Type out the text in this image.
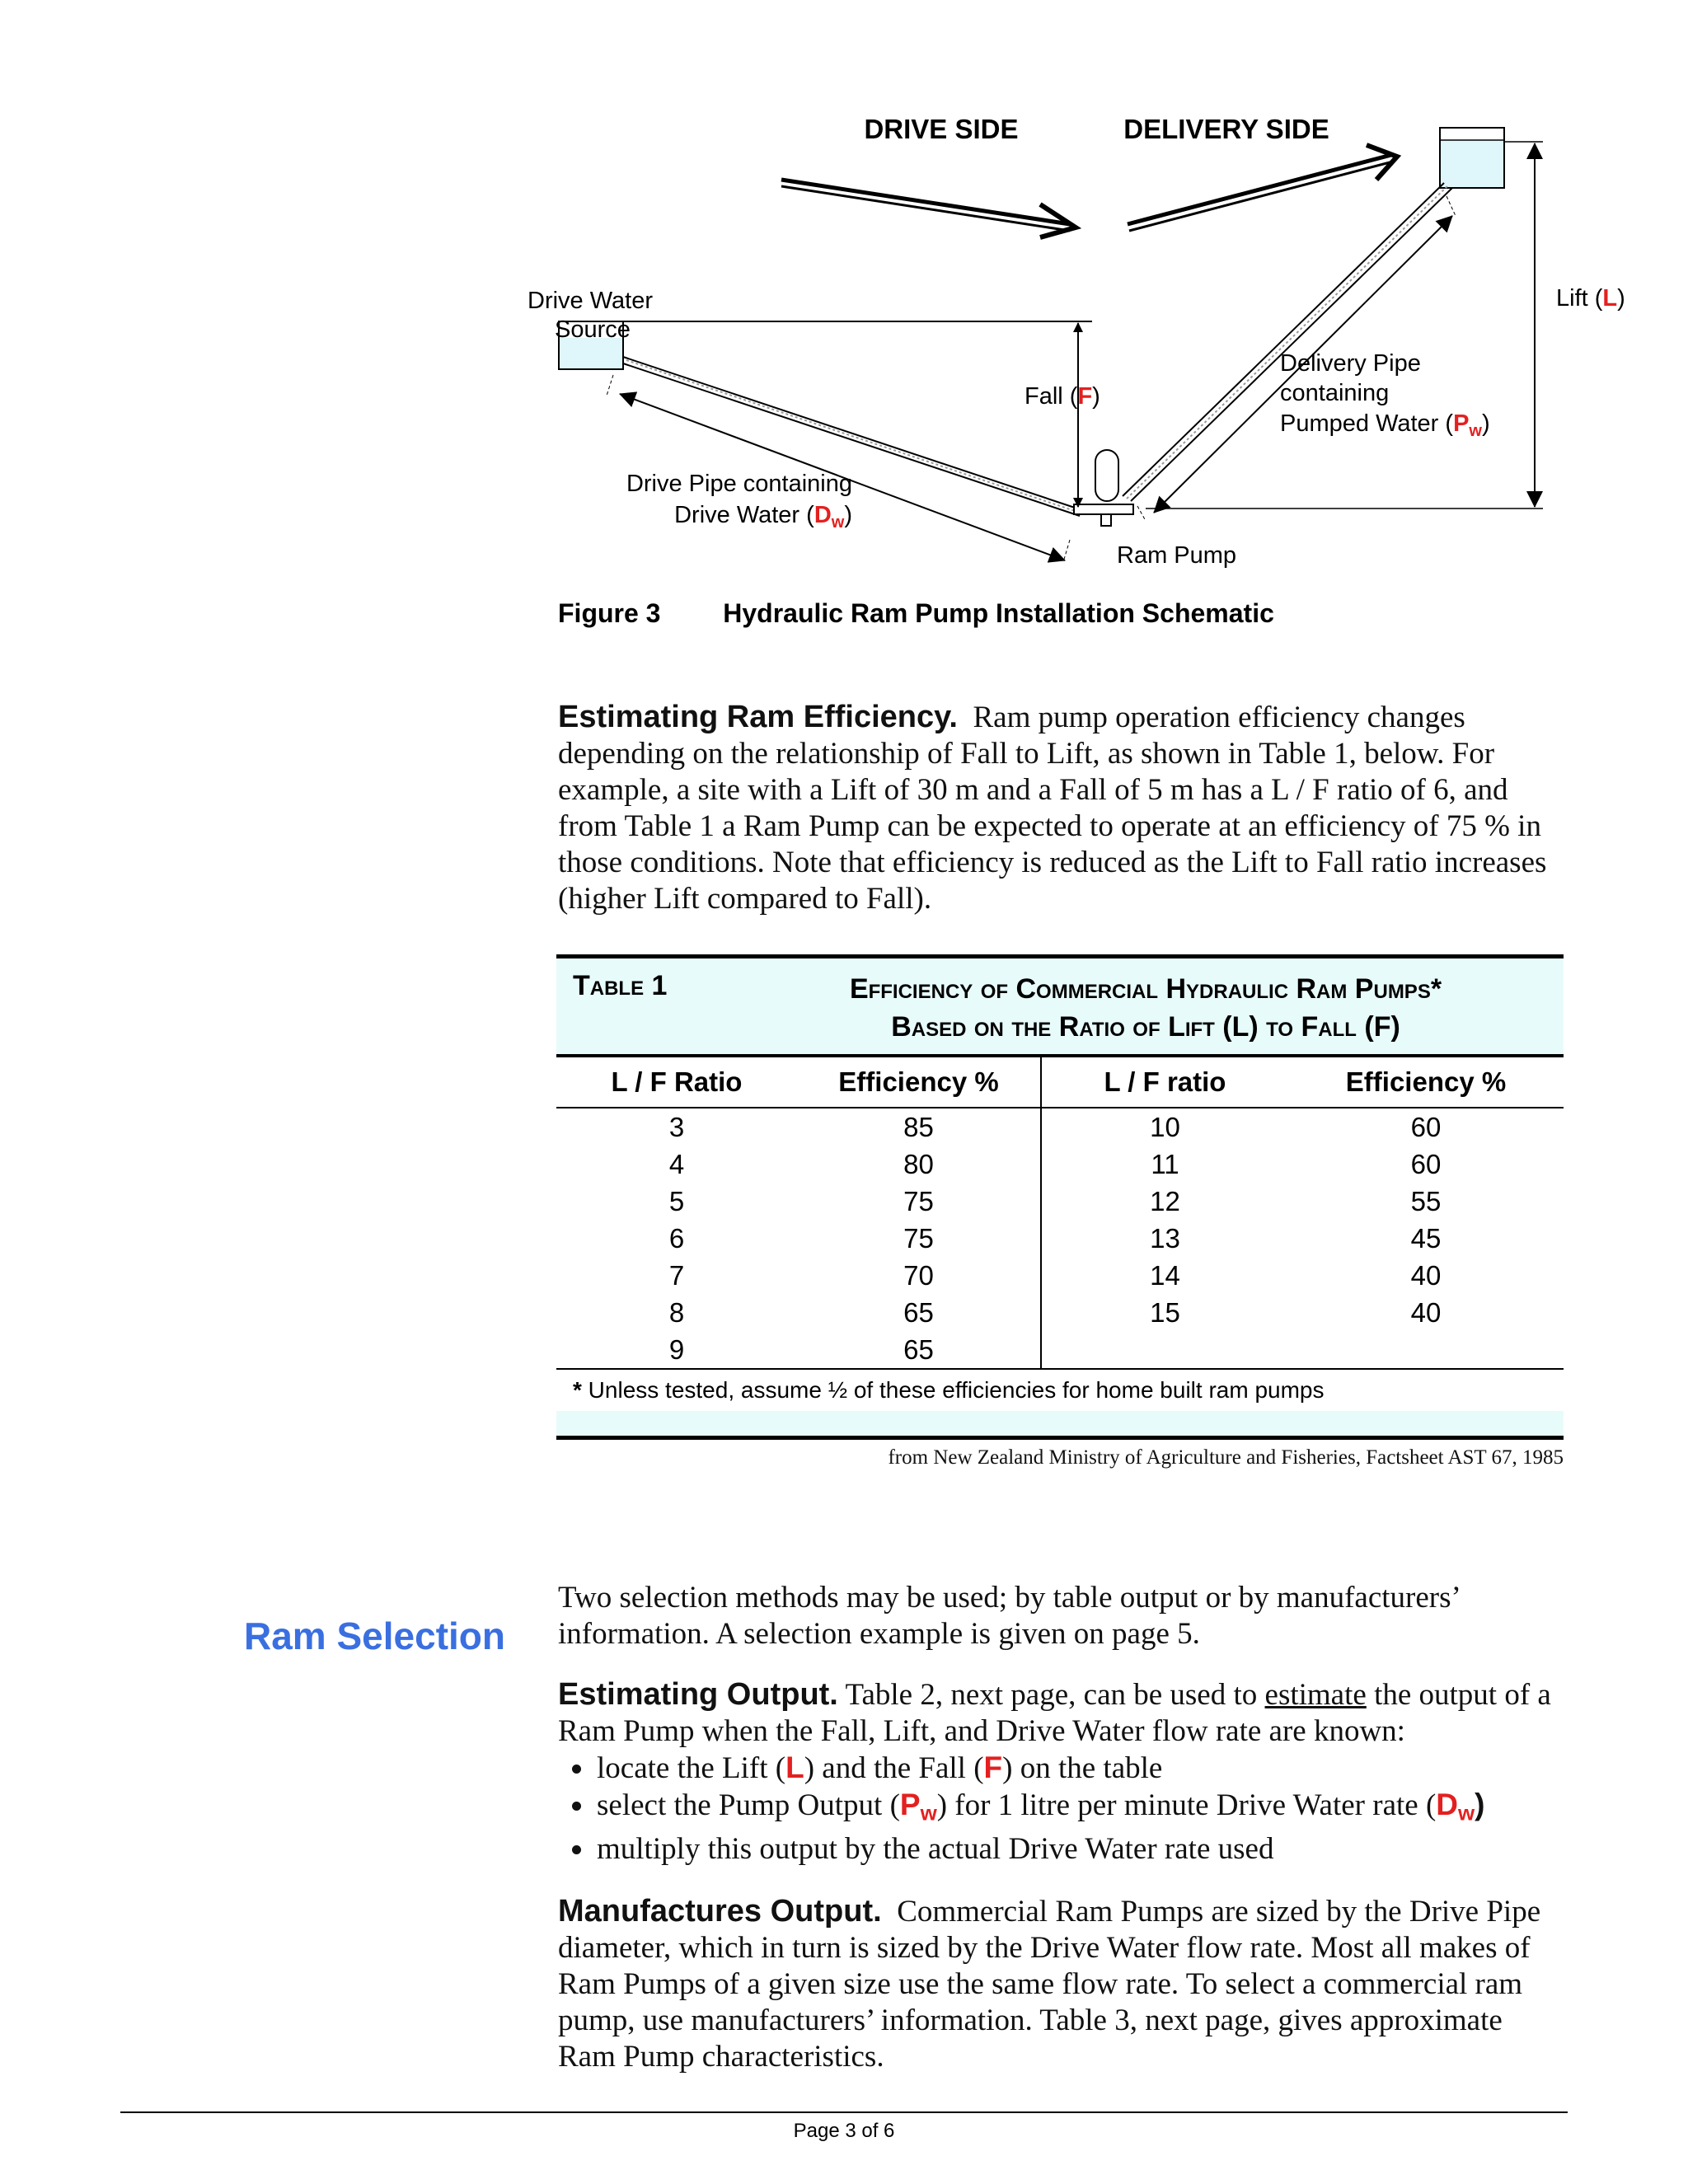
DRIVE SIDE	DELIVERY SIDE
Drive Water
Source
Lift (L)
Fall (F)
Delivery Pipe
containing
Pumped Water $(P_w)$
Drive Pipe containing
Drive Water $(D_w)$
Ram Pump
Figure 3 Hydraulic Ram Pump Installation Schematic
Estimating Ram Efficiency. Ram pump operation efficiency changes depending on the relationship of Fall to Lift, as shown in Table 1, below. For example, a site with a Lift of 30 m and a Fall of 5 m has a L / F ratio of 6, and from Table 1 a Ram Pump can be expected to operate at an efficiency of 75 % in those conditions. Note that efficiency is reduced as the Lift to Fall ratio increases (higher Lift compared to Fall).
Table 1	Efficiency of Commercial Hydraulic Ram Pumps*
Based on the Ratio of Lift (L) to Fall (F)
L / F Ratio	Efficiency %	L / F ratio	Efficiency %
3	85	10	60
4	80	11	60
5	75	12	55
6	75	13	45
7	70	14	40
8	65	15	40
9	65		
* Unless tested, assume ½ of these efficiencies for home built ram pumps
from New Zealand Ministry of Agriculture and Fisheries, Factsheet AST 67, 1985
Ram Selection
Two selection methods may be used; by table output or by manufacturers’ information. A selection example is given on page 5.
Estimating Output. Table 2, next page, can be used to estimate the output of a Ram Pump when the Fall, Lift, and Drive Water flow rate are known:
• locate the Lift (L) and the Fall (F) on the table
• select the Pump Output $(P_w)$ for 1 litre per minute Drive Water rate $(D_w)$
• multiply this output by the actual Drive Water rate used
Manufactures Output. Commercial Ram Pumps are sized by the Drive Pipe diameter, which in turn is sized by the Drive Water flow rate. Most all makes of Ram Pumps of a given size use the same flow rate. To select a commercial ram pump, use manufacturers’ information. Table 3, next page, gives approximate Ram Pump characteristics.
Page 3 of 6
